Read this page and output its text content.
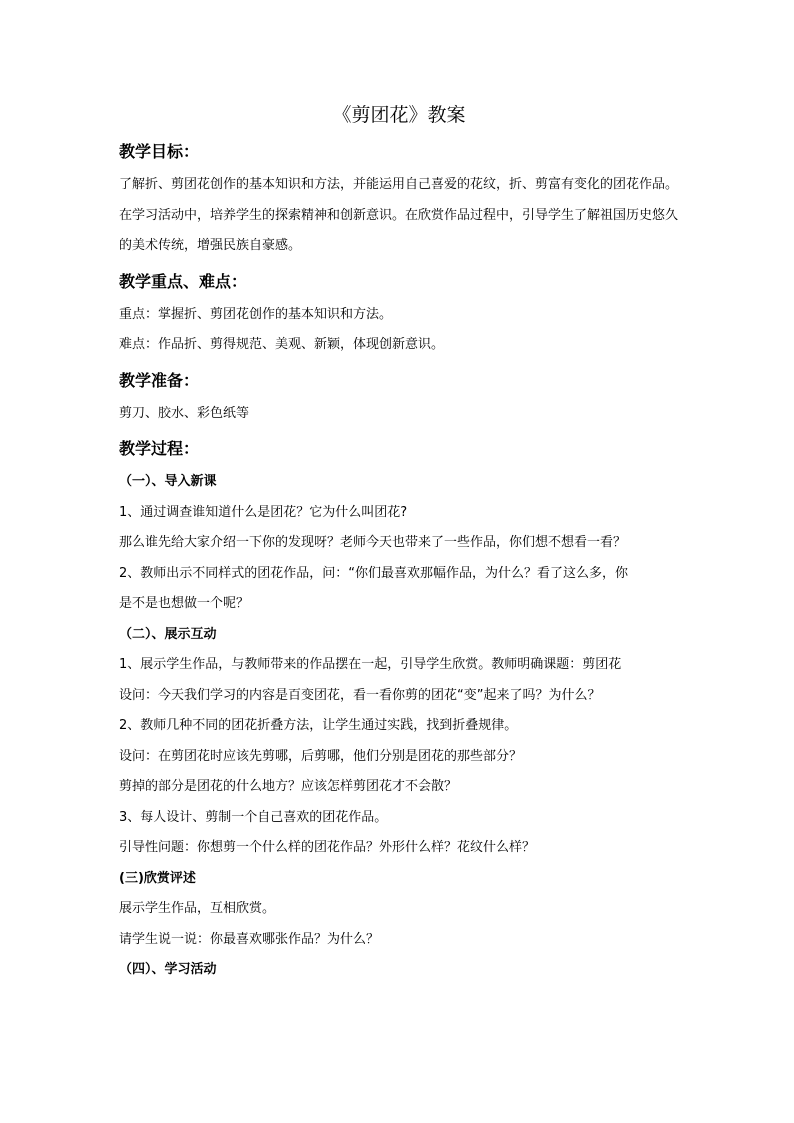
《剪团花》教案
教学目标：

了解折、剪团花创作的基本知识和方法，并能运用自己喜爱的花纹，折、剪富有变化的团花作品。在学习活动中，培养学生的探索精神和创新意识。在欣赏作品过程中，引导学生了解祖国历史悠久的美术传统，增强民族自豪感。

教学重点、难点：
重点：掌握折、剪团花创作的基本知识和方法。
难点：作品折、剪得规范、美观、新颖，体现创新意识。
教学准备：
剪刀、胶水、彩色纸等
教学过程：
（一）、导入新课
1、通过调查谁知道什么是团花？它为什么叫团花?
那么谁先给大家介绍一下你的发现呀？老师今天也带来了一些作品，你们想不想看一看？
2、教师出示不同样式的团花作品，问：“你们最喜欢那幅作品，为什么？看了这么多，你
是不是也想做一个呢？
（二）、展示互动
1、展示学生作品，与教师带来的作品摆在一起，引导学生欣赏。教师明确课题：剪团花
设问：今天我们学习的内容是百变团花，看一看你剪的团花“变”起来了吗？为什么？
2、教师几种不同的团花折叠方法，让学生通过实践，找到折叠规律。
设问：在剪团花时应该先剪哪，后剪哪，他们分别是团花的那些部分？
剪掉的部分是团花的什么地方？应该怎样剪团花才不会散？
3、每人设计、剪制一个自己喜欢的团花作品。
引导性问题：你想剪一个什么样的团花作品？外形什么样？花纹什么样？
(三)欣赏评述
展示学生作品，互相欣赏。
请学生说一说：你最喜欢哪张作品？为什么？
（四）、学习活动
